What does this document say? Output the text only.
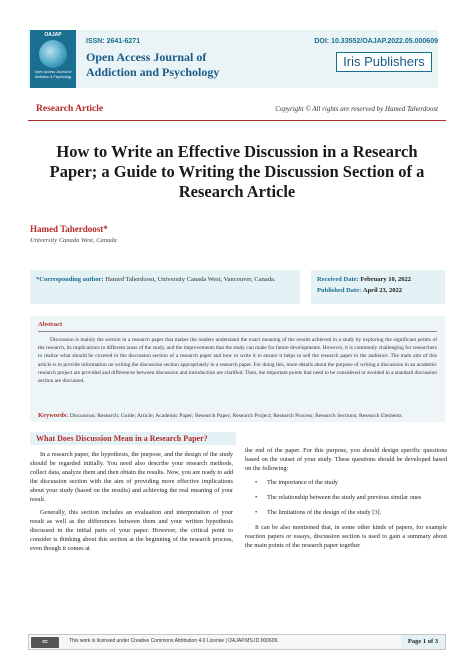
OAJAP
Open Access Journal of Addiction & Psychology
ISSN: 2641-6271
Open Access Journal of
Addiction and Psychology
DOI: 10.33552/OAJAP.2022.05.000609
Iris Publishers
Research Article	Copyright © All rights are reserved by Hamed Taherdoost
How to Write an Effective Discussion in a Research
Paper; a Guide to Writing the Discussion Section of a
Research Article
Hamed Taherdoost*
University Canada West, Canada
*Corresponding author: Hamed Taherdoost, University Canada West, Vancouver, Canada.	Received Date: February 10, 2022
Published Date: April 23, 2022
Abstract
Discussion is mainly the section in a research paper that makes the readers understand the exact meaning of the results achieved in a study by exploring the significant points of the research, its implications in different areas of the study, and the improvements that the study can make for future developments. However, it is commonly challenging for researchers to realize what should be covered in the discussion section of a research paper and how to write it to ensure it helps to sell the research paper to the audience. The main aim of this article is to provide information on writing the discussion section appropriately in a research paper. For doing this, more details about the purpose of writing a discussion in an academic research project are provided and differences between discussion and introduction are clarified. Then, the important points that need to be considered or avoided in a standard discussion section are discussed.
Keywords: Discussion; Research; Guide; Article; Academic Paper; Research Paper; Research Project; Research Process; Research Sections; Research Elements
What Does Discussion Mean in a Research Paper?

In a research paper, the hypothesis, the purpose, and the design of the study should be regarded initially. You need also describe your research methods, collect data, analyze them and then obtain the results. Now, you are ready to add the discussion section with the aim of providing more effective implications about your study (based on the results) and achieving the real meaning of your result.

Generally, this section includes an evaluation and interpretation of your result as well as the differences between them and your written hypothesis discussed in the initial parts of your paper. However, the critical point to consider is thinking about this section at the beginning of the research process, even though it comes at

the end of the paper. For this purpose, you should design specific questions based on the outset of your study. These questions should be developed based on the following:

• The importance of the study
• The relationship between the study and previous similar ones
• The limitations of the design of the study [3].

It can be also mentioned that, in some other kinds of papers, for example reaction papers or essays, discussion section is used to gain a summary about the main points of the research paper together

cc	This work is licensed under Creative Commons Attribution 4.0 License | OAJAP.MS.ID.000609.	Page 1 of 3
